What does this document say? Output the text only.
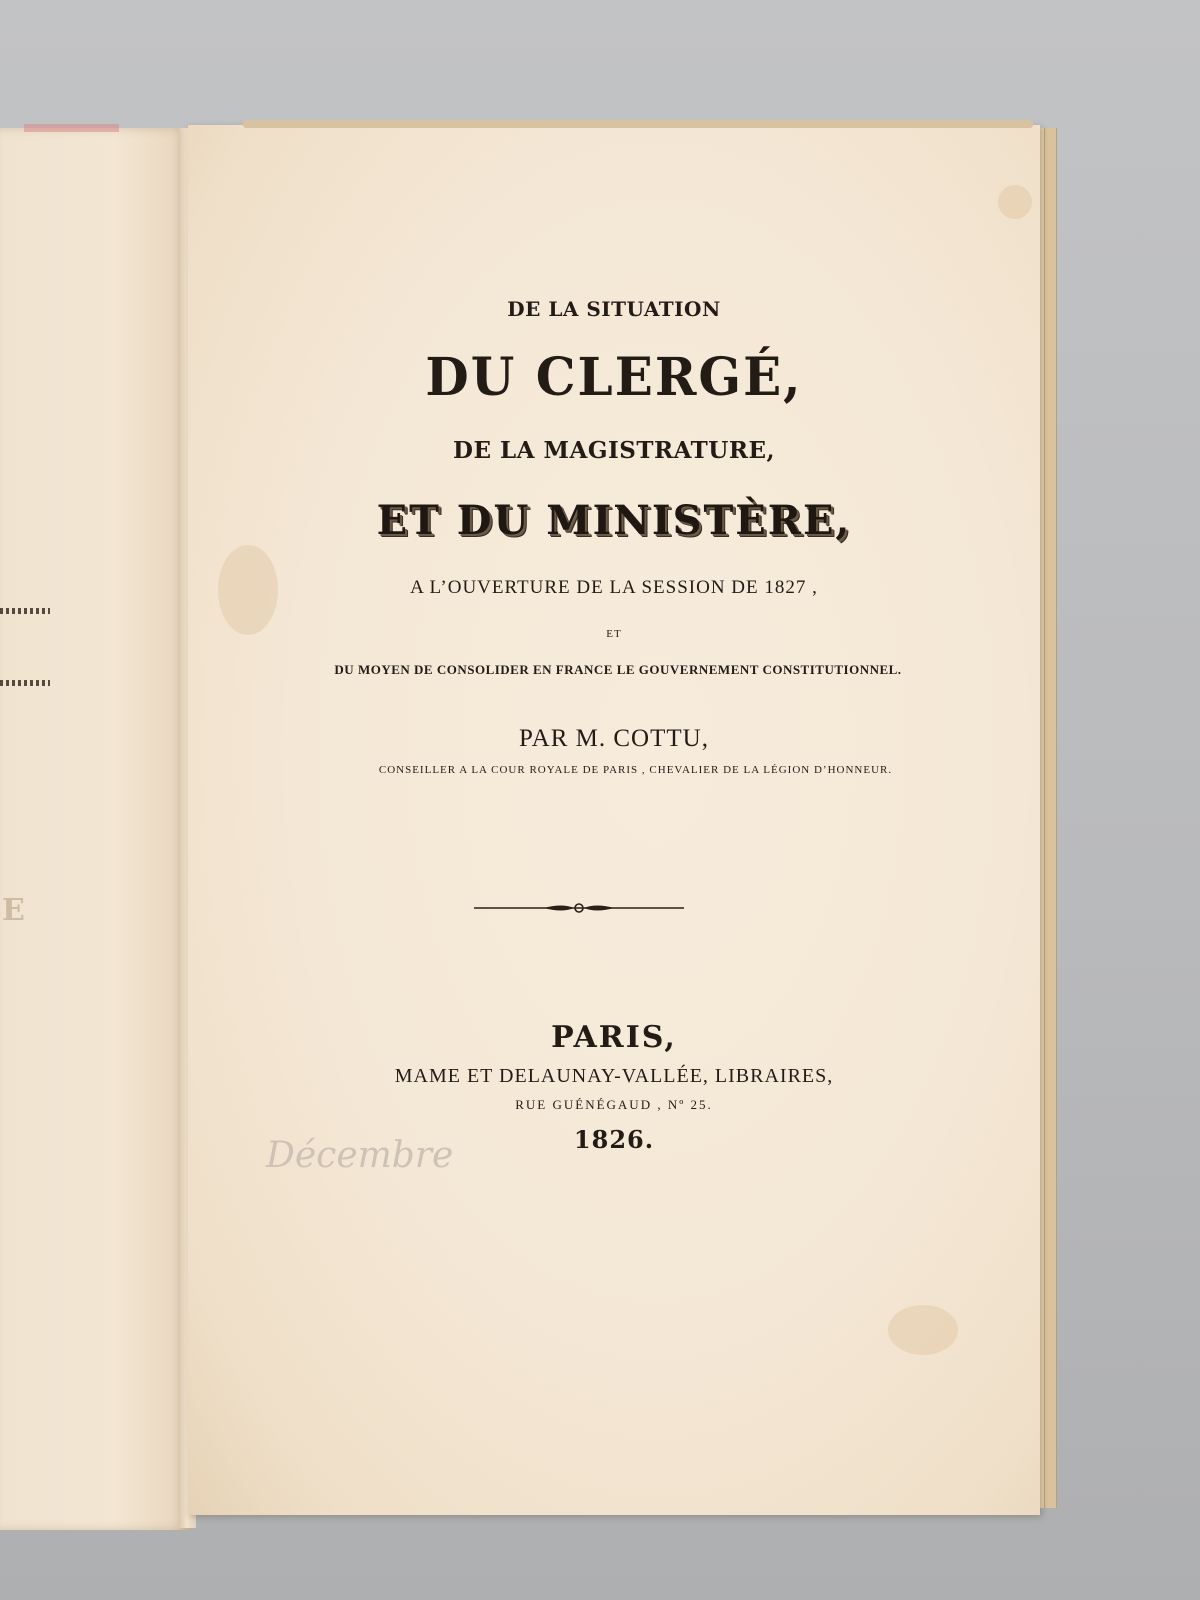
E
DE LA SITUATION
DU CLERGÉ,
DE LA MAGISTRATURE,
ET DU MINISTÈRE,
A L’OUVERTURE DE LA SESSION DE 1827 ,
ET
DU MOYEN DE CONSOLIDER EN FRANCE LE GOUVERNEMENT CONSTITUTIONNEL.
PAR M. COTTU,
CONSEILLER A LA COUR ROYALE DE PARIS , CHEVALIER DE LA LÉGION D’HONNEUR.
PARIS,
MAME ET DELAUNAY-VALLÉE, LIBRAIRES,
RUE GUÉNÉGAUD , Nº 25.
1826.
Décembre
